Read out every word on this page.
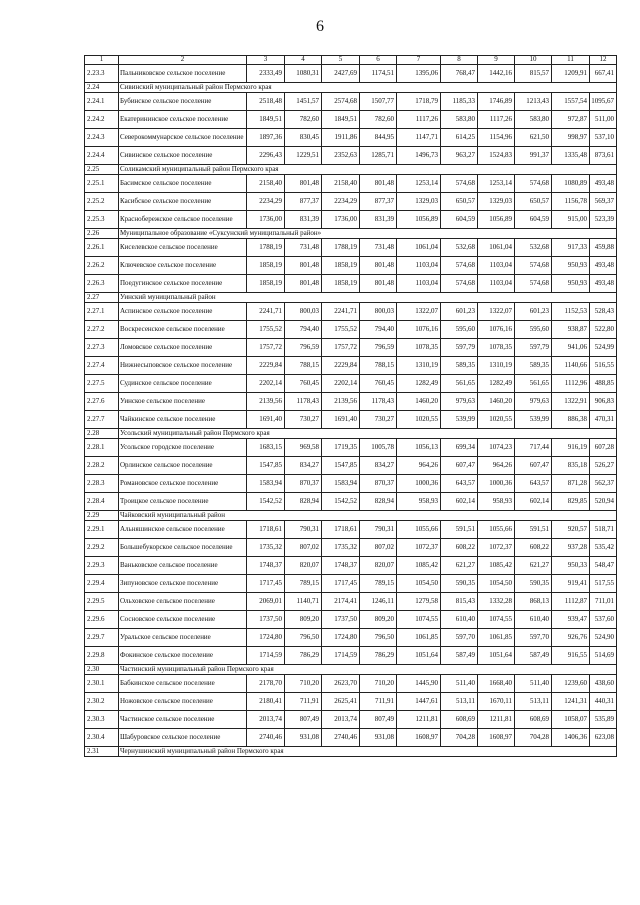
6
1	2	3	4	5	6	7	8	9	10	11	12
2.23.3	Пальниковское сельское поселение	2333,49	1080,31	2427,69	1174,51	1395,06	768,47	1442,16	815,57	1209,91	667,41
2.24	Сивинский муниципальный район Пермского края										
2.24.1	Бубинское сельское поселение	2518,48	1451,57	2574,68	1507,77	1718,79	1185,33	1746,89	1213,43	1557,54	1095,67
2.24.2	Екатерининское сельское поселение	1849,51	782,60	1849,51	782,60	1117,26	583,80	1117,26	583,80	972,87	511,00
2.24.3	Северокоммунарское сельское поселение	1897,36	830,45	1911,86	844,95	1147,71	614,25	1154,96	621,50	998,97	537,10
2.24.4	Сивинское сельское поселение	2296,43	1229,51	2352,63	1285,71	1496,73	963,27	1524,83	991,37	1335,48	873,61
2.25	Соликамский муниципальный район Пермского края										
2.25.1	Басимское сельское поселение	2158,40	801,48	2158,40	801,48	1253,14	574,68	1253,14	574,68	1080,89	493,48
2.25.2	Касибское сельское поселение	2234,29	877,37	2234,29	877,37	1329,03	650,57	1329,03	650,57	1156,78	569,37
2.25.3	Краснобережское сельское поселение	1736,00	831,39	1736,00	831,39	1056,89	604,59	1056,89	604,59	915,00	523,39
2.26	Муниципальное образование «Суксунский муниципальный район»										
2.26.1	Киселевское сельское поселение	1788,19	731,48	1788,19	731,48	1061,04	532,68	1061,04	532,68	917,33	459,88
2.26.2	Ключевское сельское поселение	1858,19	801,48	1858,19	801,48	1103,04	574,68	1103,04	574,68	950,93	493,48
2.26.3	Поедугинское сельское поселение	1858,19	801,48	1858,19	801,48	1103,04	574,68	1103,04	574,68	950,93	493,48
2.27	Уинский муниципальный район										
2.27.1	Аспинское сельское поселение	2241,71	800,03	2241,71	800,03	1322,07	601,23	1322,07	601,23	1152,53	528,43
2.27.2	Воскресенское сельское поселение	1755,52	794,40	1755,52	794,40	1076,16	595,60	1076,16	595,60	938,87	522,80
2.27.3	Ломовское сельское поселение	1757,72	796,59	1757,72	796,59	1078,35	597,79	1078,35	597,79	941,06	524,99
2.27.4	Нижнесыповское сельское поселение	2229,84	788,15	2229,84	788,15	1310,19	589,35	1310,19	589,35	1140,66	516,55
2.27.5	Судинское сельское поселение	2202,14	760,45	2202,14	760,45	1282,49	561,65	1282,49	561,65	1112,96	488,85
2.27.6	Уинское сельское поселение	2139,56	1178,43	2139,56	1178,43	1460,20	979,63	1460,20	979,63	1322,91	906,83
2.27.7	Чайкинское сельское поселение	1691,40	730,27	1691,40	730,27	1020,55	539,99	1020,55	539,99	886,38	470,31
2.28	Усольский муниципальный район Пермского края										
2.28.1	Усольское городское поселение	1683,15	969,58	1719,35	1005,78	1056,13	699,34	1074,23	717,44	916,19	607,28
2.28.2	Орлинское сельское поселение	1547,85	834,27	1547,85	834,27	964,26	607,47	964,26	607,47	835,18	526,27
2.28.3	Романовское сельское поселение	1583,94	870,37	1583,94	870,37	1000,36	643,57	1000,36	643,57	871,28	562,37
2.28.4	Троицкое сельское поселение	1542,52	828,94	1542,52	828,94	958,93	602,14	958,93	602,14	829,85	520,94
2.29	Чайковский муниципальный район										
2.29.1	Альняшинское сельское поселение	1718,61	790,31	1718,61	790,31	1055,66	591,51	1055,66	591,51	920,57	518,71
2.29.2	Большебукорское сельское поселение	1735,32	807,02	1735,32	807,02	1072,37	608,22	1072,37	608,22	937,28	535,42
2.29.3	Ваньковское сельское поселение	1748,37	820,07	1748,37	820,07	1085,42	621,27	1085,42	621,27	950,33	548,47
2.29.4	Зипуновское сельское поселение	1717,45	789,15	1717,45	789,15	1054,50	590,35	1054,50	590,35	919,41	517,55
2.29.5	Ольховское сельское поселение	2069,01	1140,71	2174,41	1246,11	1279,58	815,43	1332,28	868,13	1112,87	711,01
2.29.6	Сосновское сельское поселение	1737,50	809,20	1737,50	809,20	1074,55	610,40	1074,55	610,40	939,47	537,60
2.29.7	Уральское сельское поселение	1724,80	796,50	1724,80	796,50	1061,85	597,70	1061,85	597,70	926,76	524,90
2.29.8	Фокинское сельское поселение	1714,59	786,29	1714,59	786,29	1051,64	587,49	1051,64	587,49	916,55	514,69
2.30	Частинский муниципальный район Пермского края										
2.30.1	Бабкинское сельское поселение	2178,70	710,20	2623,70	710,20	1445,90	511,40	1668,40	511,40	1239,60	438,60
2.30.2	Ножовское сельское поселение	2180,41	711,91	2625,41	711,91	1447,61	513,11	1670,11	513,11	1241,31	440,31
2.30.3	Частинское сельское поселение	2013,74	807,49	2013,74	807,49	1211,81	608,69	1211,81	608,69	1058,07	535,89
2.30.4	Шабуровское сельское поселение	2740,46	931,08	2740,46	931,08	1608,97	704,28	1608,97	704,28	1406,36	623,08
2.31	Чернушинский муниципальный район Пермского края										
